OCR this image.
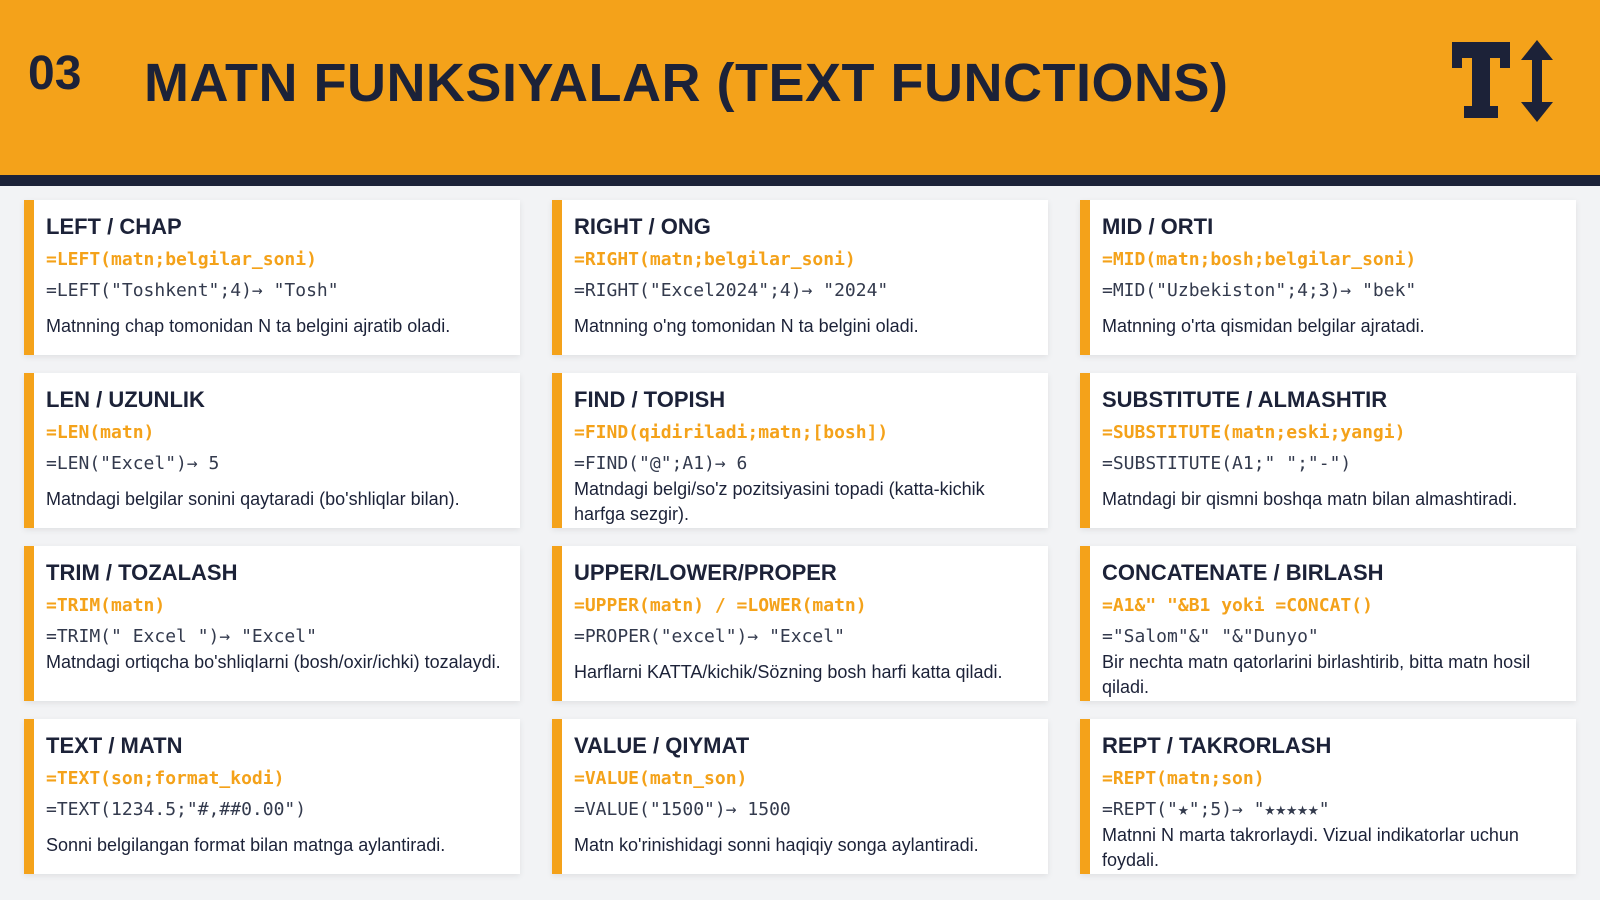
03 MATN FUNKSIYALAR (TEXT FUNCTIONS)
LEFT / CHAP
=LEFT(matn;belgilar_soni)
=LEFT("Toshkent";4)→ "Tosh"
Matnning chap tomonidan N ta belgini ajratib oladi.
RIGHT / ONG
=RIGHT(matn;belgilar_soni)
=RIGHT("Excel2024";4)→ "2024"
Matnning o'ng tomonidan N ta belgini oladi.
MID / ORTI
=MID(matn;bosh;belgilar_soni)
=MID("Uzbekiston";4;3)→ "bek"
Matnning o'rta qismidan belgilar ajratadi.
LEN / UZUNLIK
=LEN(matn)
=LEN("Excel")→ 5
Matndagi belgilar sonini qaytaradi (bo'shliqlar bilan).
FIND / TOPISH
=FIND(qidiriladi;matn;[bosh])
=FIND("@";A1)→ 6
Matndagi belgi/so'z pozitsiyasini topadi (katta-kichik harfga sezgir).
SUBSTITUTE / ALMASHTIR
=SUBSTITUTE(matn;eski;yangi)
=SUBSTITUTE(A1;" ";"-")
Matndagi bir qismni boshqa matn bilan almashtiradi.
TRIM / TOZALASH
=TRIM(matn)
=TRIM(" Excel ")→ "Excel"
Matndagi ortiqcha bo'shliqlarni (bosh/oxir/ichki) tozalaydi.
UPPER/LOWER/PROPER
=UPPER(matn) / =LOWER(matn)
=PROPER("excel")→ "Excel"
Harflarni KATTA/kichik/Sözning bosh harfi katta qiladi.
CONCATENATE / BIRLASH
=A1&" "&B1 yoki =CONCAT()
="Salom"&" "&"Dunyo"
Bir nechta matn qatorlarini birlashtirib, bitta matn hosil qiladi.
TEXT / MATN
=TEXT(son;format_kodi)
=TEXT(1234.5;"#,##0.00")
Sonni belgilangan format bilan matnga aylantiradi.
VALUE / QIYMAT
=VALUE(matn_son)
=VALUE("1500")→ 1500
Matn ko'rinishidagi sonni haqiqiy songa aylantiradi.
REPT / TAKRORLASH
=REPT(matn;son)
=REPT("★";5)→ "★★★★★"
Matnni N marta takrorlaydi. Vizual indikatorlar uchun foydali.
